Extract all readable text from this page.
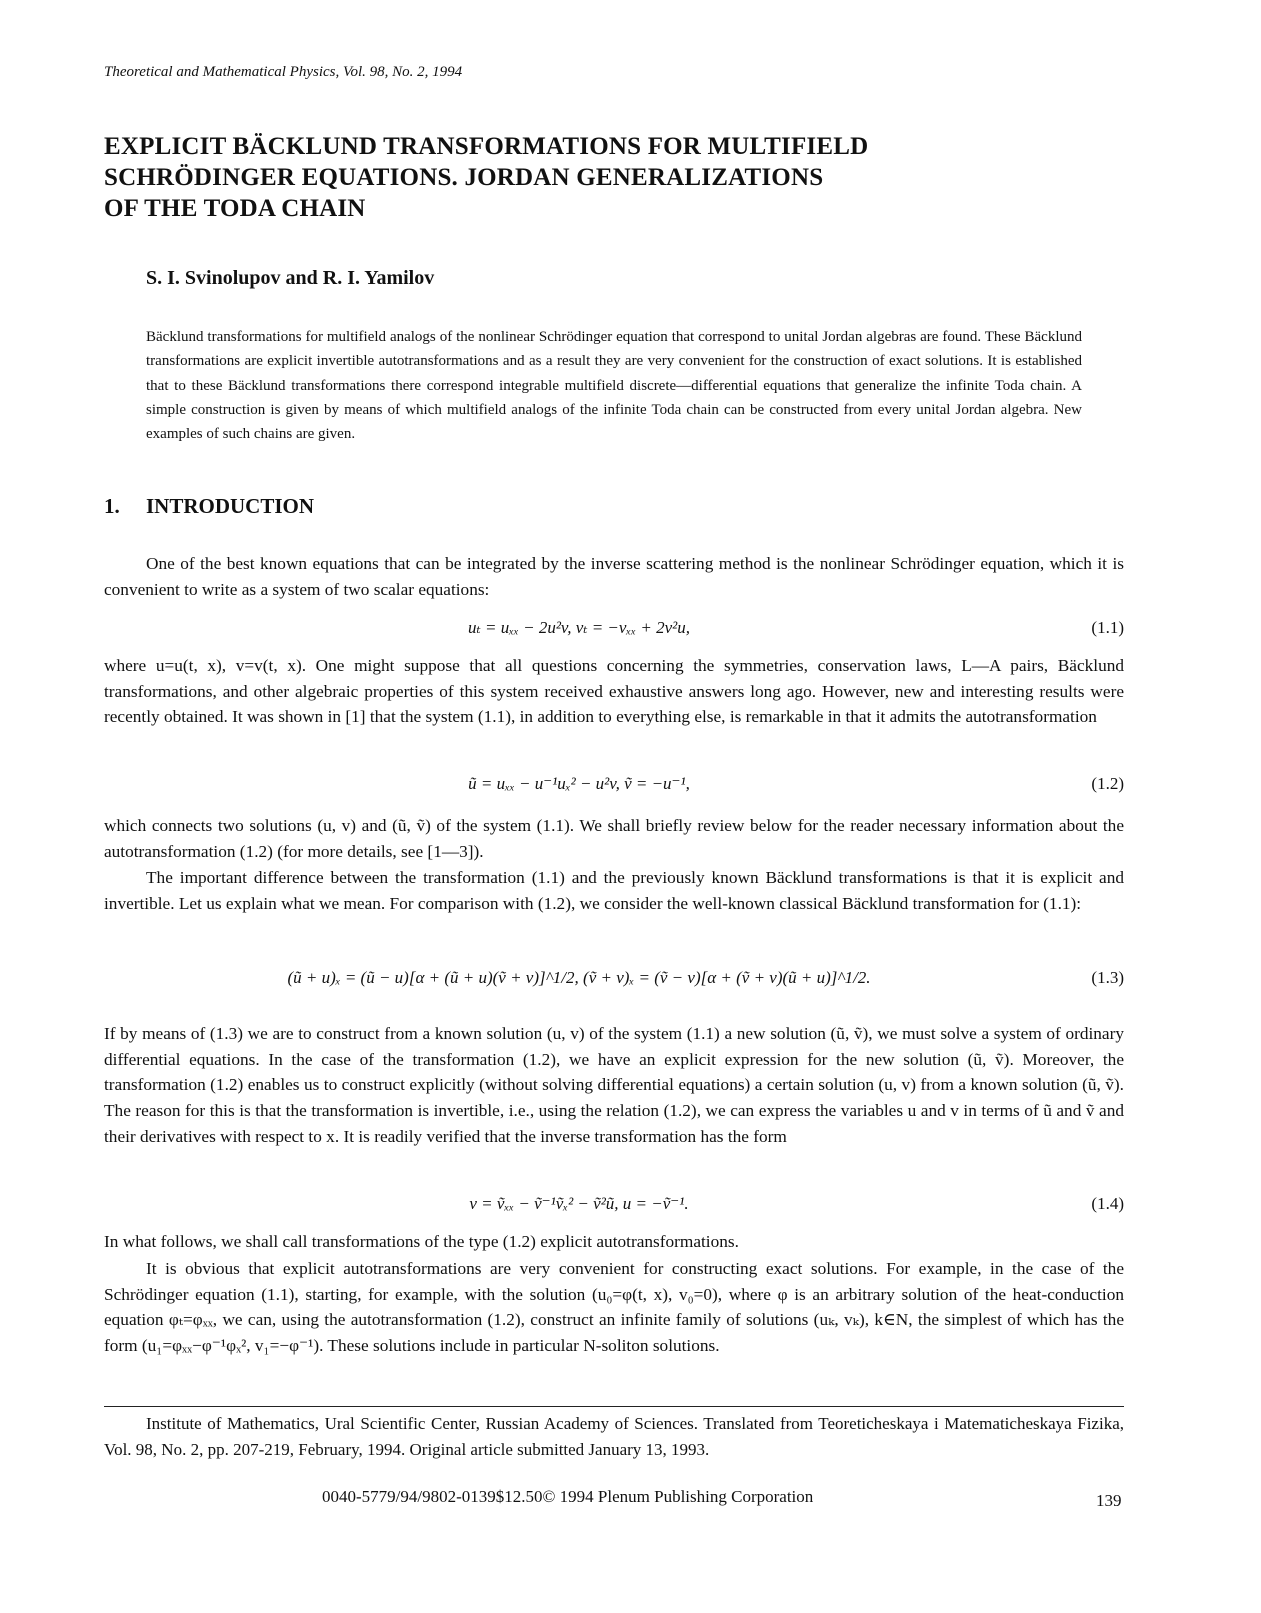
Theoretical and Mathematical Physics, Vol. 98, No. 2, 1994
EXPLICIT BÄCKLUND TRANSFORMATIONS FOR MULTIFIELD
SCHRÖDINGER EQUATIONS. JORDAN GENERALIZATIONS
OF THE TODA CHAIN
S. I. Svinolupov and R. I. Yamilov
Bäcklund transformations for multifield analogs of the nonlinear Schrödinger equation that correspond to unital Jordan algebras are found. These Bäcklund transformations are explicit invertible autotransformations and as a result they are very convenient for the construction of exact solutions. It is established that to these Bäcklund transformations there correspond integrable multifield discrete—differential equations that generalize the infinite Toda chain. A simple construction is given by means of which multifield analogs of the infinite Toda chain can be constructed from every unital Jordan algebra. New examples of such chains are given.
1. INTRODUCTION
One of the best known equations that can be integrated by the inverse scattering method is the nonlinear Schrödinger equation, which it is convenient to write as a system of two scalar equations:
uₜ = uₓₓ − 2u²v, vₜ = −vₓₓ + 2v²u,	(1.1)
where u=u(t, x), v=v(t, x). One might suppose that all questions concerning the symmetries, conservation laws, L—A pairs, Bäcklund transformations, and other algebraic properties of this system received exhaustive answers long ago. However, new and interesting results were recently obtained. It was shown in [1] that the system (1.1), in addition to everything else, is remarkable in that it admits the autotransformation
ũ = uₓₓ − u⁻¹uₓ² − u²v, ṽ = −u⁻¹,	(1.2)
which connects two solutions (u, v) and (ũ, ṽ) of the system (1.1). We shall briefly review below for the reader necessary information about the autotransformation (1.2) (for more details, see [1—3]).
The important difference between the transformation (1.1) and the previously known Bäcklund transformations is that it is explicit and invertible. Let us explain what we mean. For comparison with (1.2), we consider the well-known classical Bäcklund transformation for (1.1):
(ũ + u)ₓ = (ũ − u)[α + (ũ + u)(ṽ + v)]^1/2, (ṽ + v)ₓ = (ṽ − v)[α + (ṽ + v)(ũ + u)]^1/2.	(1.3)
If by means of (1.3) we are to construct from a known solution (u, v) of the system (1.1) a new solution (ũ, ṽ), we must solve a system of ordinary differential equations. In the case of the transformation (1.2), we have an explicit expression for the new solution (ũ, ṽ). Moreover, the transformation (1.2) enables us to construct explicitly (without solving differential equations) a certain solution (u, v) from a known solution (ũ, ṽ). The reason for this is that the transformation is invertible, i.e., using the relation (1.2), we can express the variables u and v in terms of ũ and ṽ and their derivatives with respect to x. It is readily verified that the inverse transformation has the form
v = ṽₓₓ − ṽ⁻¹ṽₓ² − ṽ²ũ, u = −ṽ⁻¹.	(1.4)
In what follows, we shall call transformations of the type (1.2) explicit autotransformations.
It is obvious that explicit autotransformations are very convenient for constructing exact solutions. For example, in the case of the Schrödinger equation (1.1), starting, for example, with the solution (u₀=φ(t, x), v₀=0), where φ is an arbitrary solution of the heat-conduction equation φₜ=φₓₓ, we can, using the autotransformation (1.2), construct an infinite family of solutions (uₖ, vₖ), k∈N, the simplest of which has the form (u₁=φₓₓ−φ⁻¹φₓ², v₁=−φ⁻¹). These solutions include in particular N-soliton solutions.
Institute of Mathematics, Ural Scientific Center, Russian Academy of Sciences. Translated from Teoreticheskaya i Matematicheskaya Fizika, Vol. 98, No. 2, pp. 207-219, February, 1994. Original article submitted January 13, 1993.
0040-5779/94/9802-0139$12.50© 1994 Plenum Publishing Corporation	139
